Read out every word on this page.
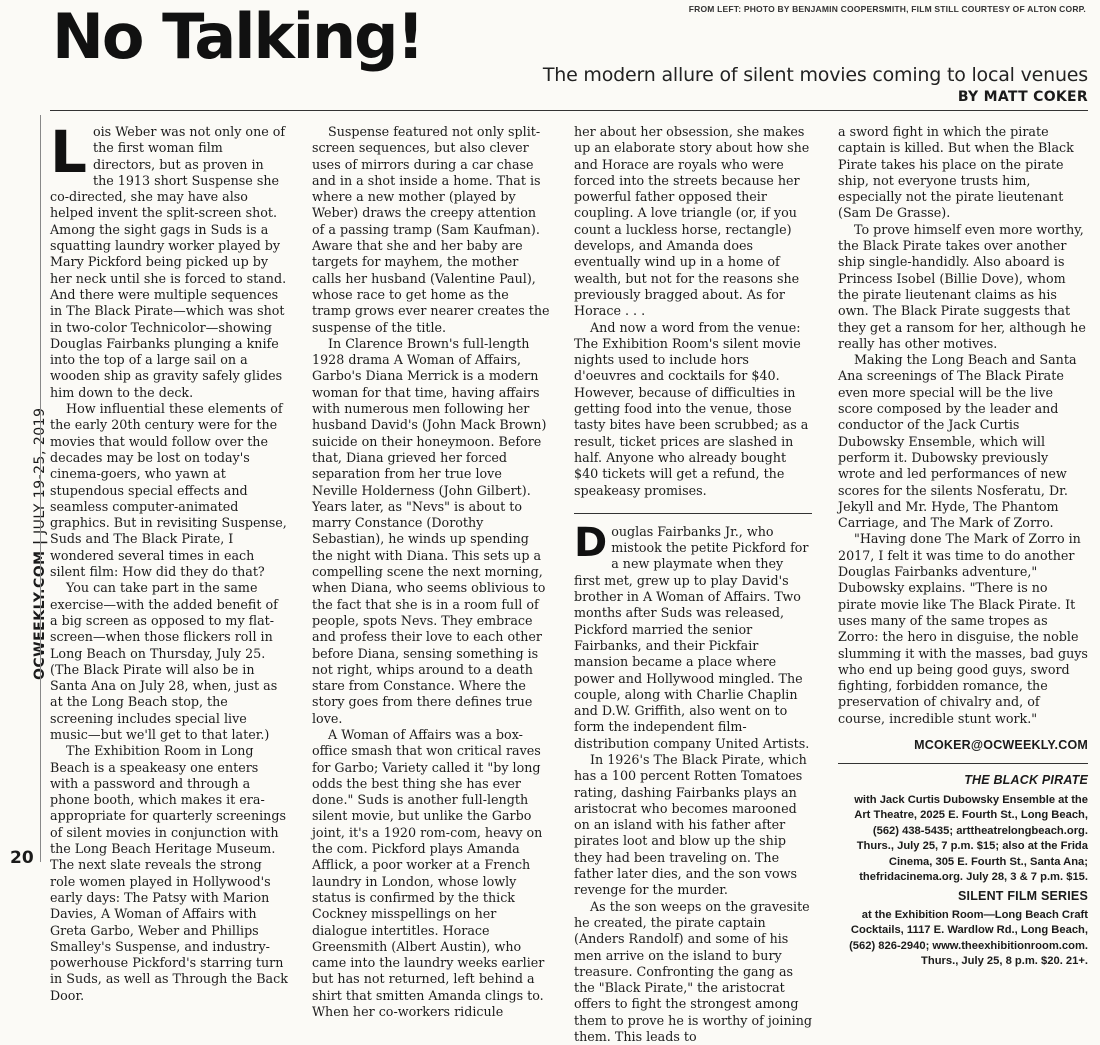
FROM LEFT: PHOTO BY BENJAMIN COOPERSMITH, FILM STILL COURTESY OF ALTON CORP.
No Talking!
The modern allure of silent movies coming to local venues
BY MATT COKER
OCWEEKLY.COM | JULY 19-25, 2019
20

Lois Weber was not only one of the first woman film directors, but as proven in the 1913 short Suspense she co-directed, she may have also helped invent the split-screen shot. Among the sight gags in Suds is a squatting laundry worker played by Mary Pickford being picked up by her neck until she is forced to stand. And there were multiple sequences in The Black Pirate—which was shot in two-color Technicolor—showing Douglas Fairbanks plunging a knife into the top of a large sail on a wooden ship as gravity safely glides him down to the deck.

How influential these elements of the early 20th century were for the movies that would follow over the decades may be lost on today's cinema-goers, who yawn at stupendous special effects and seamless computer-animated graphics. But in revisiting Suspense, Suds and The Black Pirate, I wondered several times in each silent film: How did they do that?

You can take part in the same exercise—with the added benefit of a big screen as opposed to my flat-screen—when those flickers roll in Long Beach on Thursday, July 25. (The Black Pirate will also be in Santa Ana on July 28, when, just as at the Long Beach stop, the screening includes special live music—but we'll get to that later.)

The Exhibition Room in Long Beach is a speakeasy one enters with a password and through a phone booth, which makes it era-appropriate for quarterly screenings of silent movies in conjunction with the Long Beach Heritage Museum. The next slate reveals the strong role women played in Hollywood's early days: The Patsy with Marion Davies, A Woman of Affairs with Greta Garbo, Weber and Phillips Smalley's Suspense, and industry-powerhouse Pickford's starring turn in Suds, as well as Through the Back Door.

Suspense featured not only split-screen sequences, but also clever uses of mirrors during a car chase and in a shot inside a home. That is where a new mother (played by Weber) draws the creepy attention of a passing tramp (Sam Kaufman). Aware that she and her baby are targets for mayhem, the mother calls her husband (Valentine Paul), whose race to get home as the tramp grows ever nearer creates the suspense of the title.

In Clarence Brown's full-length 1928 drama A Woman of Affairs, Garbo's Diana Merrick is a modern woman for that time, having affairs with numerous men following her husband David's (John Mack Brown) suicide on their honeymoon. Before that, Diana grieved her forced separation from her true love Neville Holderness (John Gilbert). Years later, as "Nevs" is about to marry Constance (Dorothy Sebastian), he winds up spending the night with Diana. This sets up a compelling scene the next morning, when Diana, who seems oblivious to the fact that she is in a room full of people, spots Nevs. They embrace and profess their love to each other before Diana, sensing something is not right, whips around to a death stare from Constance. Where the story goes from there defines true love.

A Woman of Affairs was a box-office smash that won critical raves for Garbo; Variety called it "by long odds the best thing she has ever done." Suds is another full-length silent movie, but unlike the Garbo joint, it's a 1920 rom-com, heavy on the com. Pickford plays Amanda Afflick, a poor worker at a French laundry in London, whose lowly status is confirmed by the thick Cockney misspellings on her dialogue intertitles. Horace Greensmith (Albert Austin), who came into the laundry weeks earlier but has not returned, left behind a shirt that smitten Amanda clings to. When her co-workers ridicule

her about her obsession, she makes up an elaborate story about how she and Horace are royals who were forced into the streets because her powerful father opposed their coupling. A love triangle (or, if you count a luckless horse, rectangle) develops, and Amanda does eventually wind up in a home of wealth, but not for the reasons she previously bragged about. As for Horace . . .

And now a word from the venue: The Exhibition Room's silent movie nights used to include hors d'oeuvres and cocktails for $40. However, because of difficulties in getting food into the venue, those tasty bites have been scrubbed; as a result, ticket prices are slashed in half. Anyone who already bought $40 tickets will get a refund, the speakeasy promises.

Douglas Fairbanks Jr., who mistook the petite Pickford for a new playmate when they first met, grew up to play David's brother in A Woman of Affairs. Two months after Suds was released, Pickford married the senior Fairbanks, and their Pickfair mansion became a place where power and Hollywood mingled. The couple, along with Charlie Chaplin and D.W. Griffith, also went on to form the independent film-distribution company United Artists.

In 1926's The Black Pirate, which has a 100 percent Rotten Tomatoes rating, dashing Fairbanks plays an aristocrat who becomes marooned on an island with his father after pirates loot and blow up the ship they had been traveling on. The father later dies, and the son vows revenge for the murder.

As the son weeps on the gravesite he created, the pirate captain (Anders Randolf) and some of his men arrive on the island to bury treasure. Confronting the gang as the "Black Pirate," the aristocrat offers to fight the strongest among them to prove he is worthy of joining them. This leads to

a sword fight in which the pirate captain is killed. But when the Black Pirate takes his place on the pirate ship, not everyone trusts him, especially not the pirate lieutenant (Sam De Grasse).

To prove himself even more worthy, the Black Pirate takes over another ship single-handidly. Also aboard is Princess Isobel (Billie Dove), whom the pirate lieutenant claims as his own. The Black Pirate suggests that they get a ransom for her, although he really has other motives.

Making the Long Beach and Santa Ana screenings of The Black Pirate even more special will be the live score composed by the leader and conductor of the Jack Curtis Dubowsky Ensemble, which will perform it. Dubowsky previously wrote and led performances of new scores for the silents Nosferatu, Dr. Jekyll and Mr. Hyde, The Phantom Carriage, and The Mark of Zorro.

"Having done The Mark of Zorro in 2017, I felt it was time to do another Douglas Fairbanks adventure," Dubowsky explains. "There is no pirate movie like The Black Pirate. It uses many of the same tropes as Zorro: the hero in disguise, the noble slumming it with the masses, bad guys who end up being good guys, sword fighting, forbidden romance, the preservation of chivalry and, of course, incredible stunt work."

MCOKER@OCWEEKLY.COM
THE BLACK PIRATE
with Jack Curtis Dubowsky Ensemble at the Art Theatre, 2025 E. Fourth St., Long Beach, (562) 438-5435; arttheatrelongbeach.org. Thurs., July 25, 7 p.m. $15; also at the Frida Cinema, 305 E. Fourth St., Santa Ana; thefridacinema.org. July 28, 3 & 7 p.m. $15.
SILENT FILM SERIES
at the Exhibition Room—Long Beach Craft Cocktails, 1117 E. Wardlow Rd., Long Beach, (562) 826-2940; www.theexhibitionroom.com. Thurs., July 25, 8 p.m. $20. 21+.
